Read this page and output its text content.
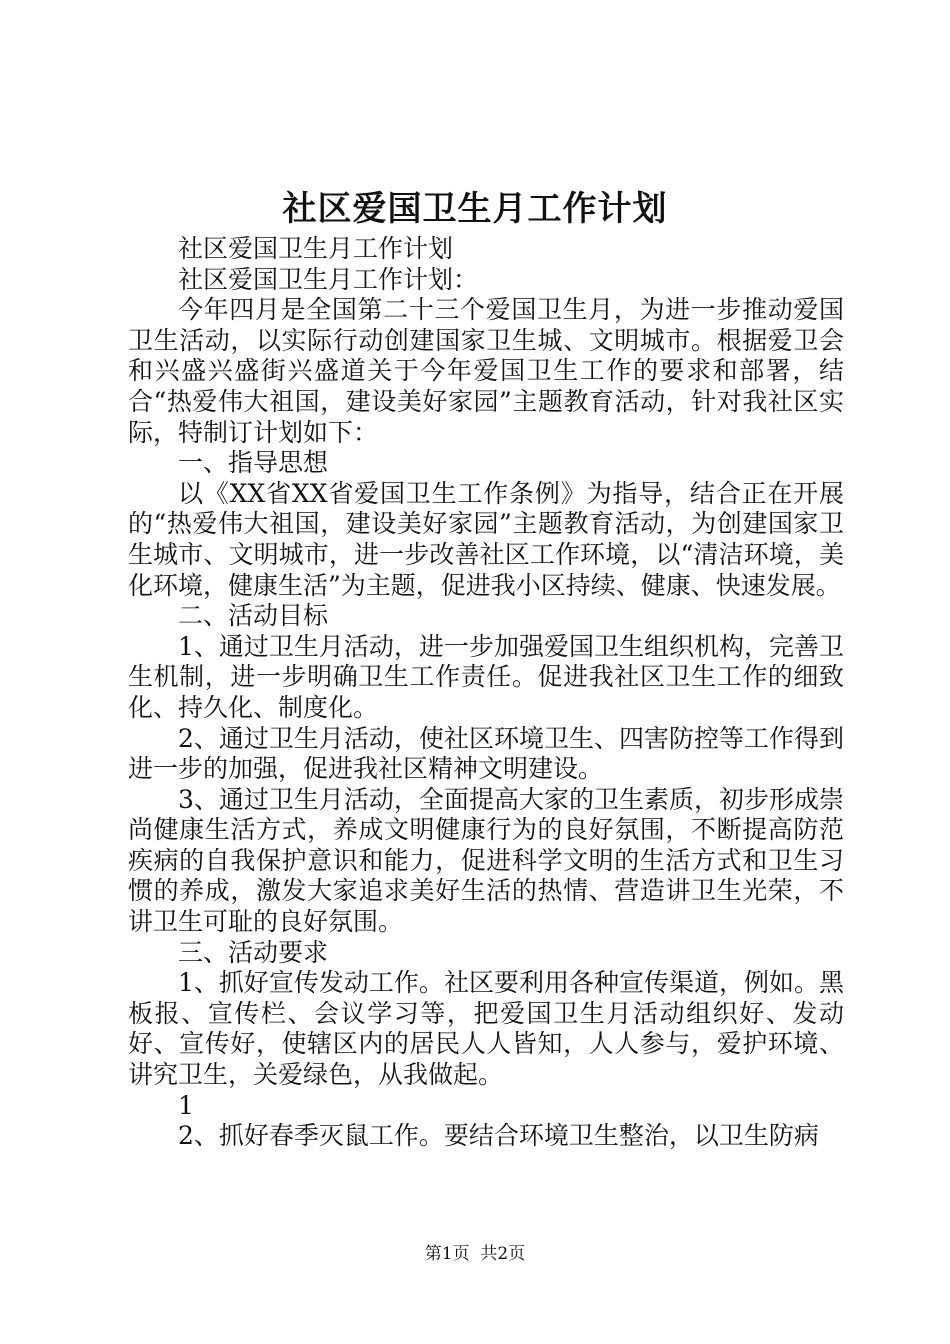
社区爱国卫生月工作计划

社区爱国卫生月工作计划

社区爱国卫生月工作计划：

今年四月是全国第二十三个爱国卫生月，为进一步推动爱国卫生活动，以实际行动创建国家卫生城、文明城市。根据爱卫会和兴盛兴盛街兴盛道关于今年爱国卫生工作的要求和部署，结合“热爱伟大祖国，建设美好家园”主题教育活动，针对我社区实际，特制订计划如下：

一、指导思想

以《XX省XX省爱国卫生工作条例》为指导，结合正在开展的“热爱伟大祖国，建设美好家园”主题教育活动，为创建国家卫生城市、文明城市，进一步改善社区工作环境，以“清洁环境，美化环境，健康生活”为主题，促进我小区持续、健康、快速发展。

二、活动目标

1、通过卫生月活动，进一步加强爱国卫生组织机构，完善卫生机制，进一步明确卫生工作责任。促进我社区卫生工作的细致化、持久化、制度化。

2、通过卫生月活动，使社区环境卫生、四害防控等工作得到进一步的加强，促进我社区精神文明建设。

3、通过卫生月活动，全面提高大家的卫生素质，初步形成崇尚健康生活方式，养成文明健康行为的良好氛围，不断提高防范疾病的自我保护意识和能力，促进科学文明的生活方式和卫生习惯的养成，激发大家追求美好生活的热情、营造讲卫生光荣，不讲卫生可耻的良好氛围。

三、活动要求

1、抓好宣传发动工作。社区要利用各种宣传渠道，例如。黑板报、宣传栏、会议学习等，把爱国卫生月活动组织好、发动好、宣传好，使辖区内的居民人人皆知，人人参与，爱护环境、讲究卫生，关爱绿色，从我做起。

1

2、抓好春季灭鼠工作。要结合环境卫生整治，以卫生防病

第1页  共2页
